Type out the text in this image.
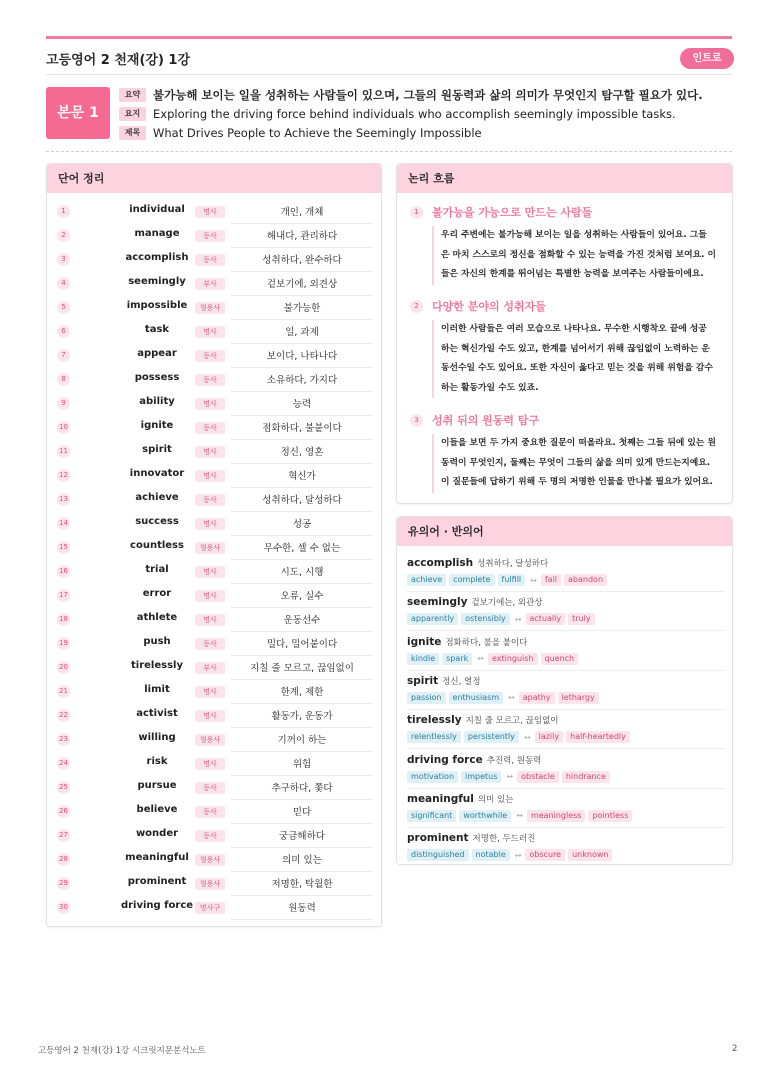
고등영어 2 천재(강) 1강	인트로
본문 1
요약	불가능해 보이는 일을 성취하는 사람들이 있으며, 그들의 원동력과 삶의 의미가 무엇인지 탐구할 필요가 있다.
요지	Exploring the driving force behind individuals who accomplish seemingly impossible tasks.
제목	What Drives People to Achieve the Seemingly Impossible
단어 정리
1	individual	명사	개인, 개체
2	manage	동사	해내다, 관리하다
3	accomplish	동사	성취하다, 완수하다
4	seemingly	부사	겉보기에, 외견상
5	impossible	형용사	불가능한
6	task	명사	일, 과제
7	appear	동사	보이다, 나타나다
8	possess	동사	소유하다, 가지다
9	ability	명사	능력
10	ignite	동사	점화하다, 불붙이다
11	spirit	명사	정신, 영혼
12	innovator	명사	혁신가
13	achieve	동사	성취하다, 달성하다
14	success	명사	성공
15	countless	형용사	무수한, 셀 수 없는
16	trial	명사	시도, 시행
17	error	명사	오류, 실수
18	athlete	명사	운동선수
19	push	동사	밀다, 밀어붙이다
20	tirelessly	부사	지칠 줄 모르고, 끊임없이
21	limit	명사	한계, 제한
22	activist	명사	활동가, 운동가
23	willing	형용사	기꺼이 하는
24	risk	명사	위험
25	pursue	동사	추구하다, 쫓다
26	believe	동사	믿다
27	wonder	동사	궁금해하다
28	meaningful	형용사	의미 있는
29	prominent	형용사	저명한, 탁월한
30	driving force 명사구	원동력
논리 흐름
1	불가능을 가능으로 만드는 사람들
우리 주변에는 불가능해 보이는 일을 성취하는 사람들이 있어요. 그들
은 마치 스스로의 정신을 점화할 수 있는 능력을 가진 것처럼 보여요. 이
들은 자신의 한계를 뛰어넘는 특별한 능력을 보여주는 사람들이에요.
2	다양한 분야의 성취자들
이러한 사람들은 여러 모습으로 나타나요. 무수한 시행착오 끝에 성공
하는 혁신가일 수도 있고, 한계를 넘어서기 위해 끊임없이 노력하는 운
동선수일 수도 있어요. 또한 자신이 옳다고 믿는 것을 위해 위험을 감수
하는 활동가일 수도 있죠.
3	성취 뒤의 원동력 탐구
이들을 보면 두 가지 중요한 질문이 떠올라요. 첫째는 그들 뒤에 있는 원
동력이 무엇인지, 둘째는 무엇이 그들의 삶을 의미 있게 만드는지예요.
이 질문들에 답하기 위해 두 명의 저명한 인물을 만나볼 필요가 있어요.
유의어 · 반의어
accomplish 성취하다, 달성하다
achieve	complete	fulfill	↔	fail	abandon
seemingly 겉보기에는, 외관상
apparently	ostensibly	↔	actually	truly
ignite 점화하다, 불을 붙이다
kindle	spark	↔	extinguish	quench
spirit 정신, 열정
passion	enthusiasm	↔	apathy	lethargy
tirelessly 지칠 줄 모르고, 끊임없이
relentlessly	persistently	↔	lazily	half-heartedly
driving force 추진력, 원동력
motivation	impetus	↔	obstacle	hindrance
meaningful 의미 있는
significant	worthwhile	↔	meaningless	pointless
prominent 저명한, 두드러진
distinguished	notable	↔	obscure	unknown
고등영어 2 천재(강) 1강 시크릿지문분석노트	2
